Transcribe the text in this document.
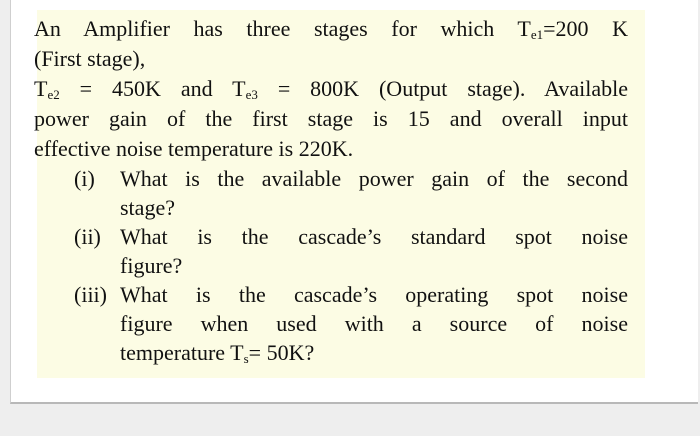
An Amplifier has three stages for which $T_{e1}=200$ K
(First stage),
$T_{e2} = 450K$ and $T_{e3} = 800K$ (Output stage). Available
power gain of the first stage is 15 and overall input
effective noise temperature is 220K.
(i) What is the available power gain of the second
stage?
(ii) What is the cascade’s standard spot noise
figure?
(iii) What is the cascade’s operating spot noise
figure when used with a source of noise
temperature $T_s= 50K$?
